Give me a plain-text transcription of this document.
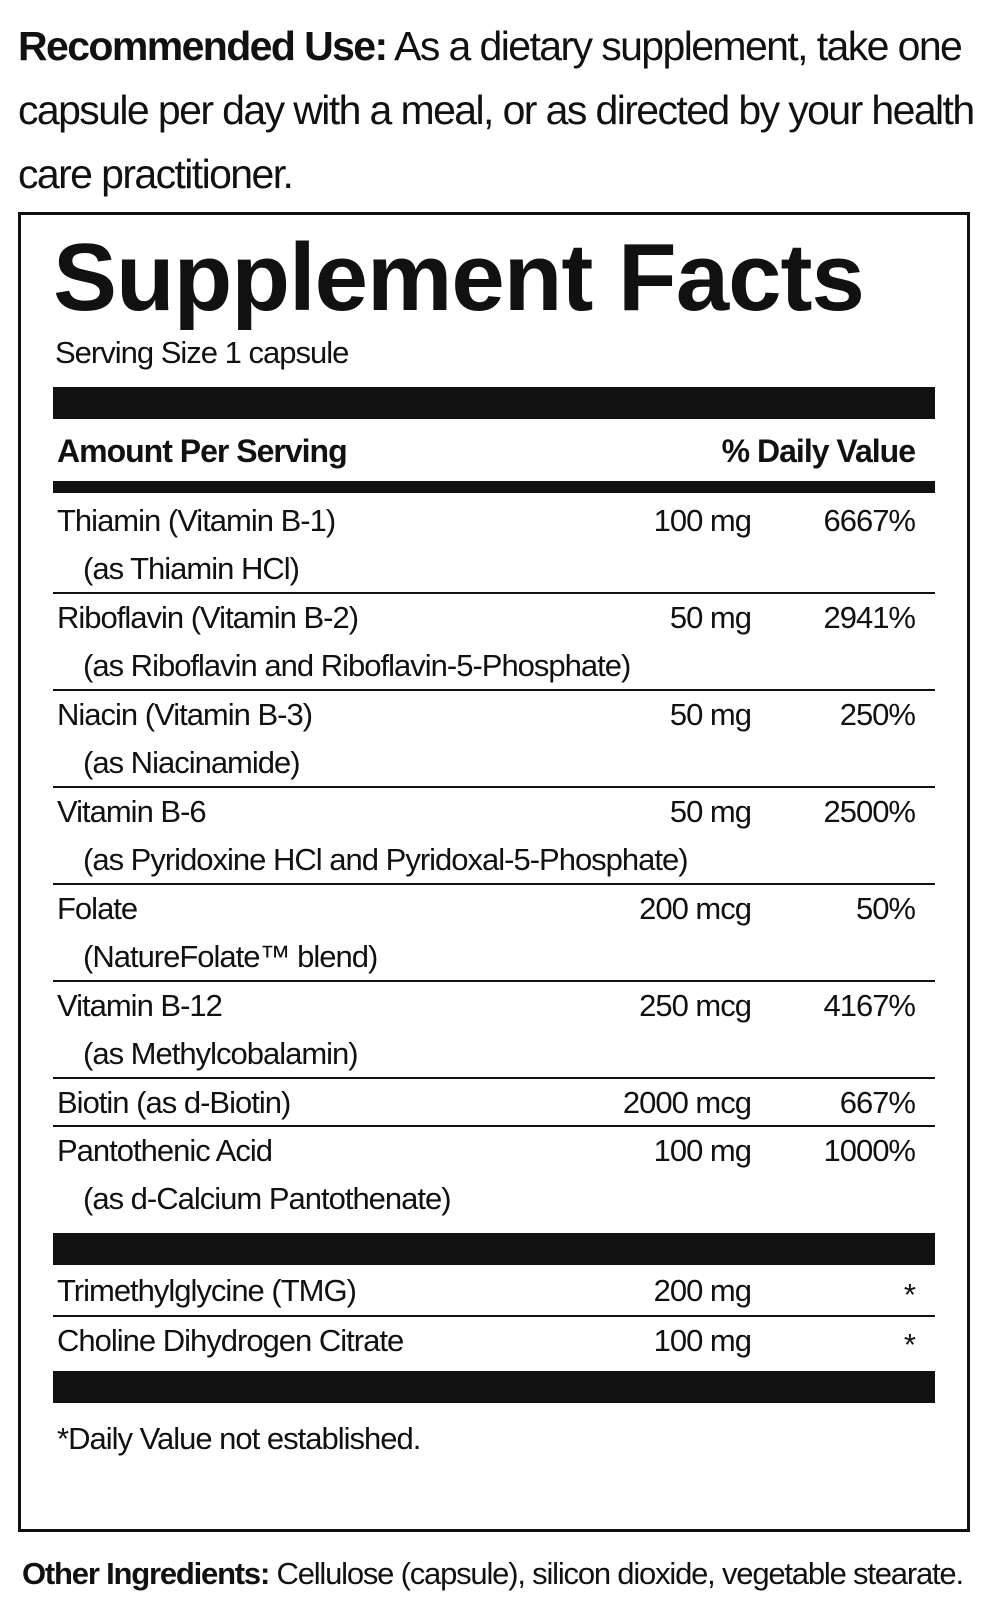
Recommended Use: As a dietary supplement, take one capsule per day with a meal, or as directed by your health care practitioner.
Supplement Facts
Serving Size 1 capsule
Amount Per Serving	% Daily Value
Thiamin (Vitamin B-1)
(as Thiamin HCl)
100 mg 6667%
Riboflavin (Vitamin B-2)
(as Riboflavin and Riboflavin-5-Phosphate)
50 mg 2941%
Niacin (Vitamin B-3)
(as Niacinamide)
50 mg	250%
Vitamin B-6
(as Pyridoxine HCl and Pyridoxal-5-Phosphate)
50 mg 2500%
Folate
(NatureFolate™ blend)
200 mcg	50%
Vitamin B-12
(as Methylcobalamin)
250 mcg 4167%
Biotin (as d-Biotin)	2000 mcg	667%
Pantothenic Acid
(as d-Calcium Pantothenate)
100 mg 1000%
Trimethylglycine (TMG)	200 mg	*
Choline Dihydrogen Citrate	100 mg	*
*Daily Value not established.
Other Ingredients: Cellulose (capsule), silicon dioxide, vegetable stearate.
